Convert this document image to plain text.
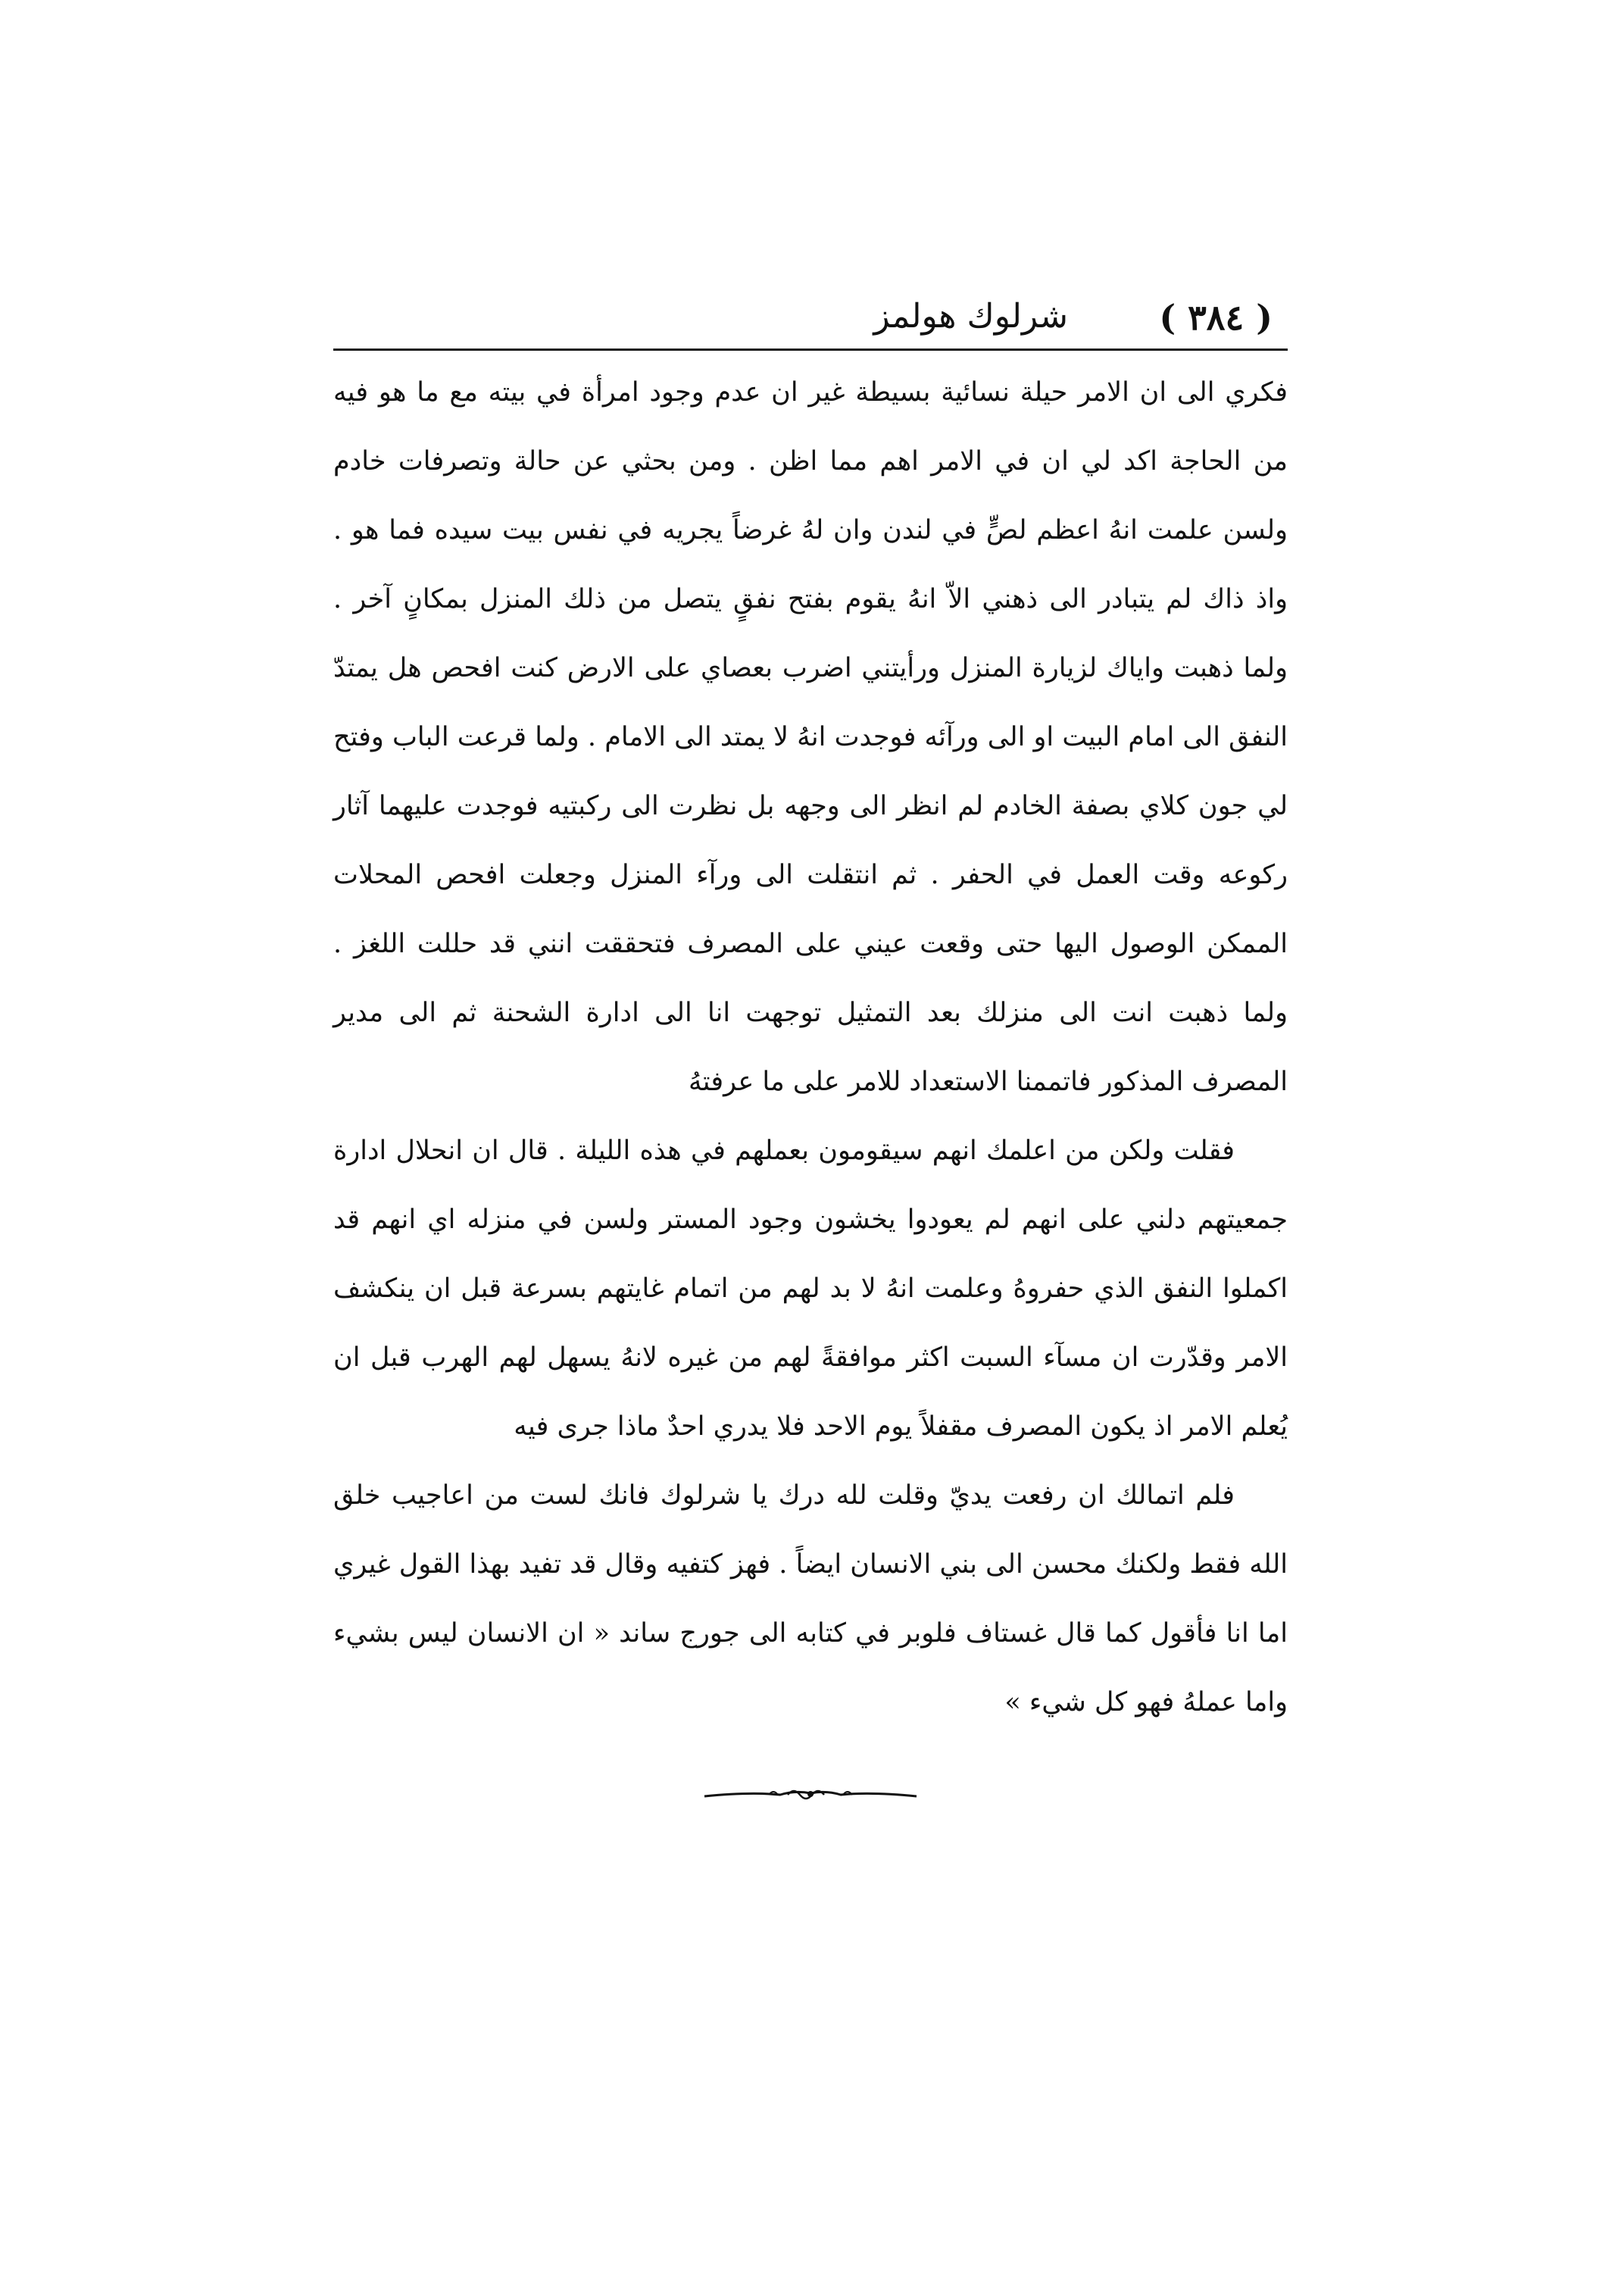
( ٣٨٤ )
شرلوك هولمز

فكري الى ان الامر حيلة نسائية بسيطة غير ان عدم وجود امرأة في بيته مع ما هو فيه من الحاجة اكد لي ان في الامر اهم مما اظن . ومن بحثي عن حالة وتصرفات خادم ولسن علمت انهُ اعظم لصٍّ في لندن وان لهُ غرضاً يجريه في نفس بيت سيده فما هو . واذ ذاك لم يتبادر الى ذهني الاّ انهُ يقوم بفتح نفقٍ يتصل من ذلك المنزل بمكانٍ آخر . ولما ذهبت واياك لزيارة المنزل ورأيتني اضرب بعصاي على الارض كنت افحص هل يمتدّ النفق الى امام البيت او الى ورآئه فوجدت انهُ لا يمتد الى الامام . ولما قرعت الباب وفتح لي جون كلاي بصفة الخادم لم انظر الى وجهه بل نظرت الى ركبتيه فوجدت عليهما آثار ركوعه وقت العمل في الحفر . ثم انتقلت الى ورآء المنزل وجعلت افحص المحلات الممكن الوصول اليها حتى وقعت عيني على المصرف فتحققت انني قد حللت اللغز . ولما ذهبت انت الى منزلك بعد التمثيل توجهت انا الى ادارة الشحنة ثم الى مدير المصرف المذكور فاتممنا الاستعداد للامر على ما عرفتهُ

فقلت ولكن من اعلمك انهم سيقومون بعملهم في هذه الليلة . قال ان انحلال ادارة جمعيتهم دلني على انهم لم يعودوا يخشون وجود المستر ولسن في منزله اي انهم قد اكملوا النفق الذي حفروهُ وعلمت انهُ لا بد لهم من اتمام غايتهم بسرعة قبل ان ينكشف الامر وقدّرت ان مسآء السبت اكثر موافقةً لهم من غيره لانهُ يسهل لهم الهرب قبل ان يُعلم الامر اذ يكون المصرف مقفلاً يوم الاحد فلا يدري احدٌ ماذا جرى فيه

فلم اتمالك ان رفعت يديّ وقلت لله درك يا شرلوك فانك لست من اعاجيب خلق الله فقط ولكنك محسن الى بني الانسان ايضاً . فهز كتفيه وقال قد تفيد بهذا القول غيري اما انا فأقول كما قال غستاف فلوبر في كتابه الى جورج ساند « ان الانسان ليس بشيء واما عملهُ فهو كل شيء »
